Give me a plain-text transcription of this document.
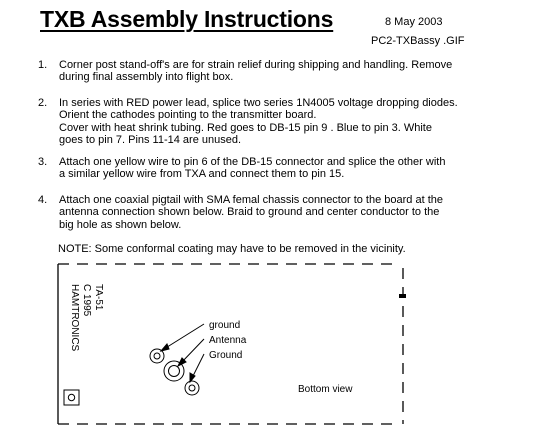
TXB Assembly Instructions	8 May 2003
PC2-TXBassy .GIF
1.	Corner post stand-off's are for strain relief during shipping and handling. Remove
during final assembly into flight box.
2.	In series with RED power lead, splice two series 1N4005 voltage dropping diodes.
Orient the cathodes pointing to the transmitter board.
Cover with heat shrink tubing. Red goes to DB-15 pin 9 . Blue to pin 3. White
goes to pin 7. Pins 11-14 are unused.
3.	Attach one yellow wire to pin 6 of the DB-15 connector and splice the other with
a similar yellow wire from TXA and connect them to pin 15.
4.	Attach one coaxial pigtail with SMA femal chassis connector to the board at the
antenna connection shown below. Braid to ground and center conductor to the
big hole as shown below.
NOTE: Some conformal coating may have to be removed in the vicinity.
ground
Antenna
Ground
Bottom view
TA-51
C 1995
HAMTRONICS
